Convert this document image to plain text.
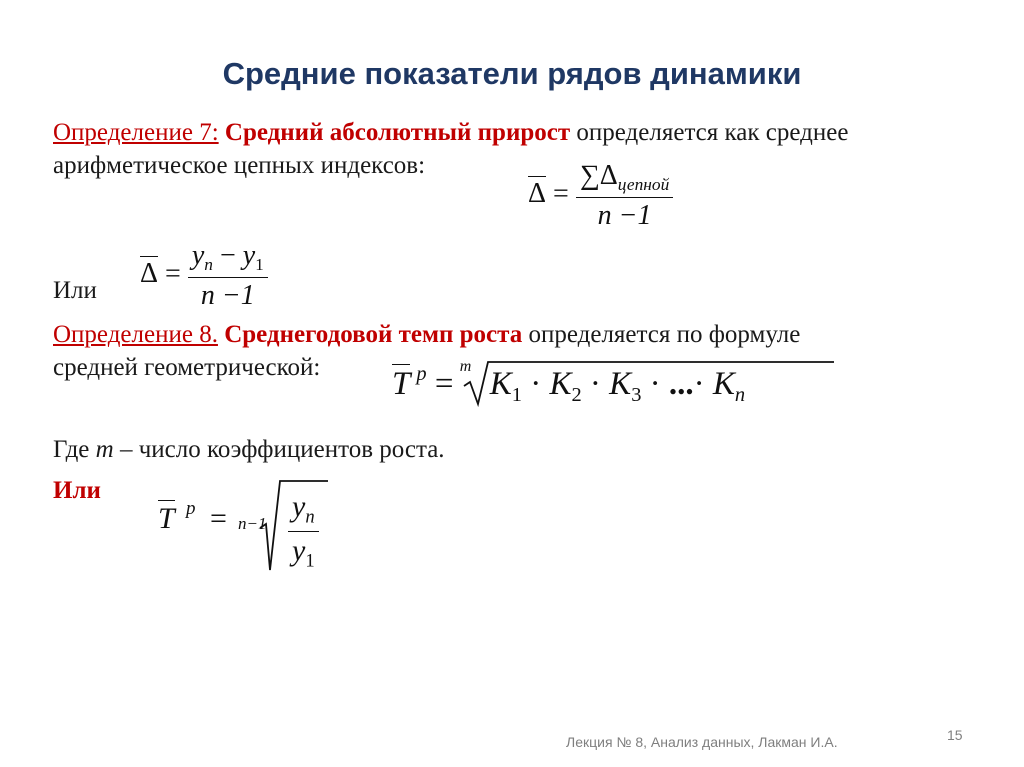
Средние показатели рядов динамики
Определение 7: Средний абсолютный прирост определяется как среднее
арифметическое цепных индексов:
$\Delta = \frac{\sum\Delta_{цепной}}{n -1}$
Или
$\Delta = \frac{y_n - y_1}{n -1}$
Определение 8. Среднегодовой темп роста определяется по формуле
средней геометрической:	T $^p$ = m $K_1 \cdot K_2 \cdot K_3$ · ...· $K_n$
Где m – число коэффициентов роста.
Или
T $p = n-1 \frac{y_n}{y_1}$
Лекция № 8, Анализ данных, Лакман И.А.	15
